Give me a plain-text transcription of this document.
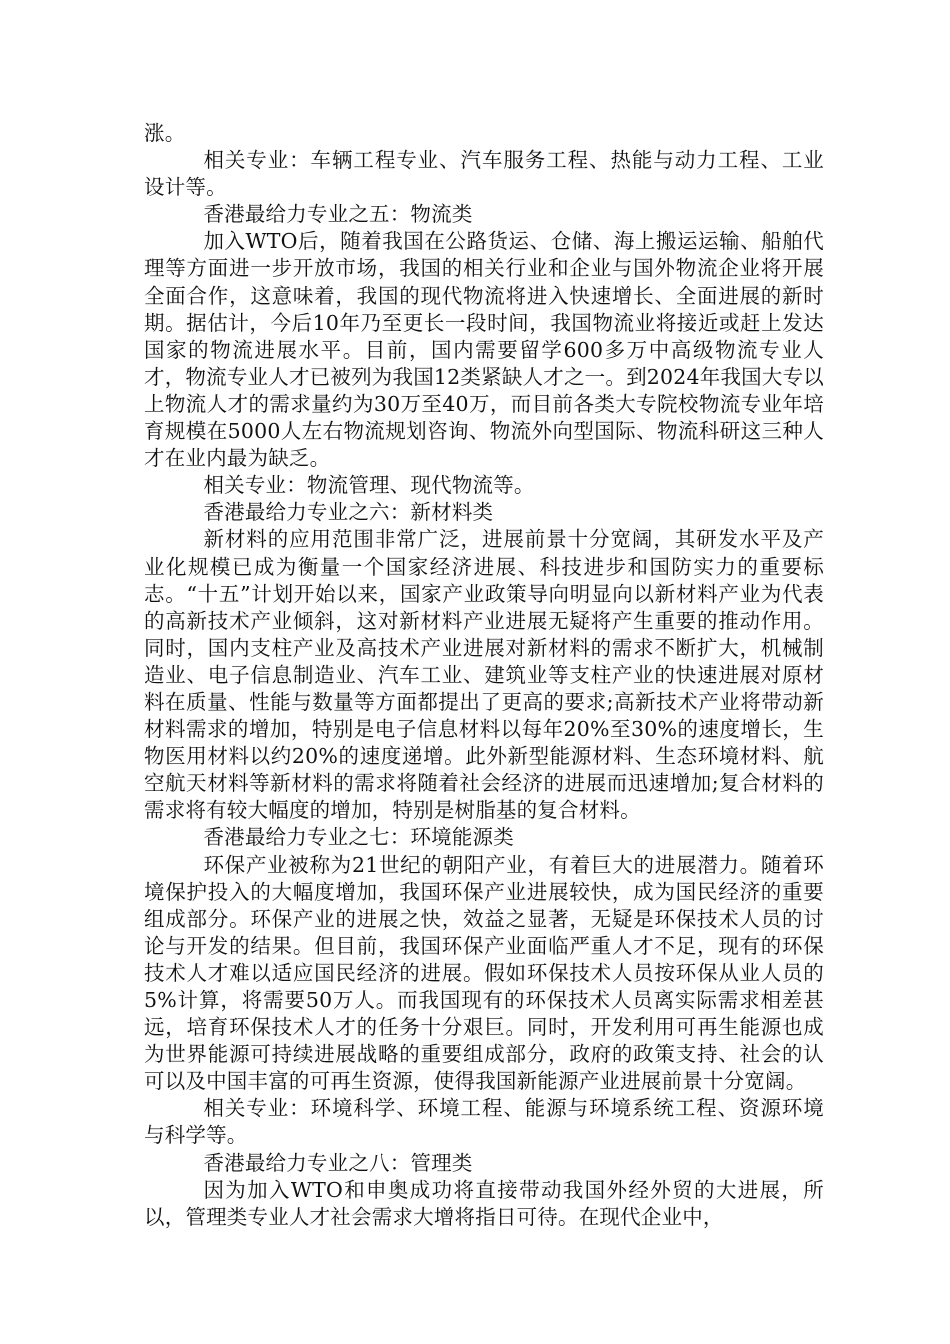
涨。

相关专业：车辆工程专业、汽车服务工程、热能与动力工程、工业设计等。

香港最给力专业之五：物流类

加入WTO后，随着我国在公路货运、仓储、海上搬运运输、船舶代理等方面进一步开放市场，我国的相关行业和企业与国外物流企业将开展全面合作，这意味着，我国的现代物流将进入快速增长、全面进展的新时期。据估计，今后10年乃至更长一段时间，我国物流业将接近或赶上发达国家的物流进展水平。目前，国内需要留学600多万中高级物流专业人才，物流专业人才已被列为我国12类紧缺人才之一。到2024年我国大专以上物流人才的需求量约为30万至40万，而目前各类大专院校物流专业年培育规模在5000人左右物流规划咨询、物流外向型国际、物流科研这三种人才在业内最为缺乏。

相关专业：物流管理、现代物流等。

香港最给力专业之六：新材料类

新材料的应用范围非常广泛，进展前景十分宽阔，其研发水平及产业化规模已成为衡量一个国家经济进展、科技进步和国防实力的重要标志。“十五”计划开始以来，国家产业政策导向明显向以新材料产业为代表的高新技术产业倾斜，这对新材料产业进展无疑将产生重要的推动作用。同时，国内支柱产业及高技术产业进展对新材料的需求不断扩大，机械制造业、电子信息制造业、汽车工业、建筑业等支柱产业的快速进展对原材料在质量、性能与数量等方面都提出了更高的要求;高新技术产业将带动新材料需求的增加，特别是电子信息材料以每年20%至30%的速度增长，生物医用材料以约20%的速度递增。此外新型能源材料、生态环境材料、航空航天材料等新材料的需求将随着社会经济的进展而迅速增加;复合材料的需求将有较大幅度的增加，特别是树脂基的复合材料。

香港最给力专业之七：环境能源类

环保产业被称为21世纪的朝阳产业，有着巨大的进展潜力。随着环境保护投入的大幅度增加，我国环保产业进展较快，成为国民经济的重要组成部分。环保产业的进展之快，效益之显著，无疑是环保技术人员的讨论与开发的结果。但目前，我国环保产业面临严重人才不足，现有的环保技术人才难以适应国民经济的进展。假如环保技术人员按环保从业人员的5%计算，将需要50万人。而我国现有的环保技术人员离实际需求相差甚远，培育环保技术人才的任务十分艰巨。同时，开发利用可再生能源也成为世界能源可持续进展战略的重要组成部分，政府的政策支持、社会的认可以及中国丰富的可再生资源，使得我国新能源产业进展前景十分宽阔。

相关专业：环境科学、环境工程、能源与环境系统工程、资源环境与科学等。

香港最给力专业之八：管理类

因为加入WTO和申奥成功将直接带动我国外经外贸的大进展，所以，管理类专业人才社会需求大增将指日可待。在现代企业中，
